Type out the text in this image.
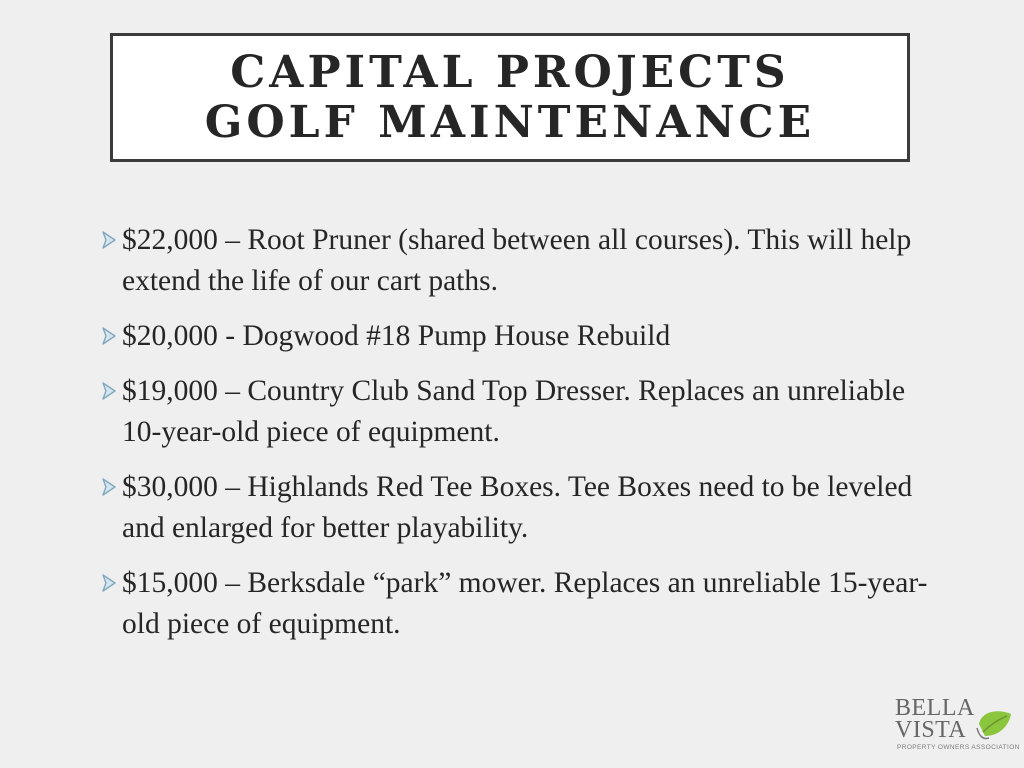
CAPITAL PROJECTS
GOLF MAINTENANCE
$22,000 – Root Pruner (shared between all courses). This will help extend the life of our cart paths.
$20,000 - Dogwood #18 Pump House Rebuild
$19,000 – Country Club Sand Top Dresser. Replaces an unreliable 10-year-old piece of equipment.
$30,000 – Highlands Red Tee Boxes. Tee Boxes need to be leveled and enlarged for better playability.
$15,000 – Berksdale “park” mower. Replaces an unreliable 15-year-old piece of equipment.
BELLA
VISTA
PROPERTY OWNERS ASSOCIATION
